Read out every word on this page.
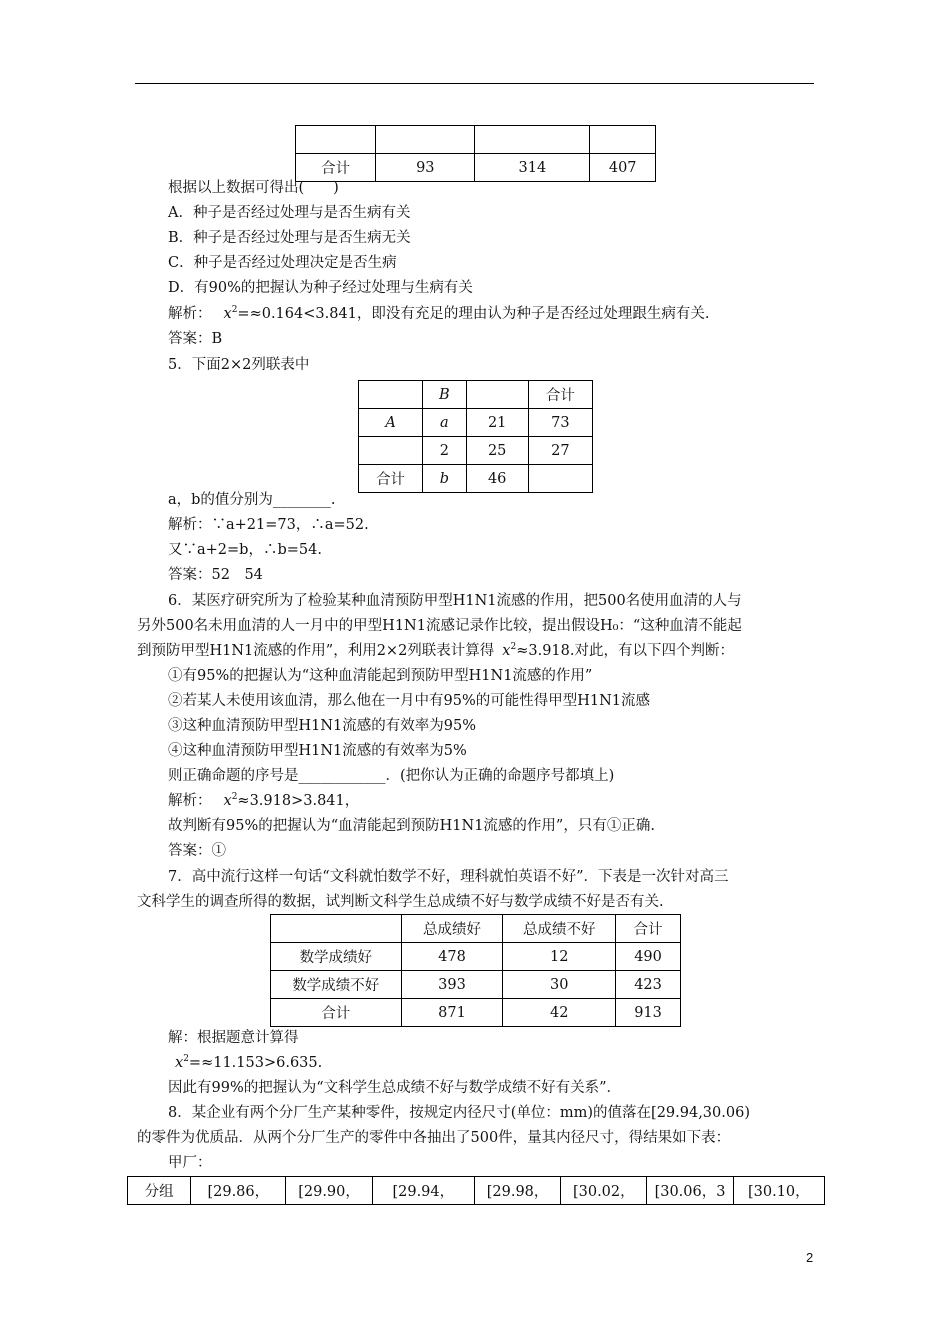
合计	93	314	407
根据以上数据可得出(　　)
A．种子是否经过处理与是否生病有关
B．种子是否经过处理与是否生病无关
C．种子是否经过处理决定是否生病
D．有90%的把握认为种子经过处理与生病有关
解析： $x^2=\approx 0.164<3.841$，即没有充足的理由认为种子是否经过处理跟生病有关.
答案：B
5．下面2×2列联表中
	B		合计
A	a	21	73
	2	25	27
合计	b	46	
a，b的值分别为________.
解析：∵a+21=73，∴a=52.
又∵a+2=b，∴b=54.
答案：52　54
6．某医疗研究所为了检验某种血清预防甲型H1N1流感的作用，把500名使用血清的人与
另外500名未用血清的人一月中的甲型H1N1流感记录作比较，提出假设H₀：“这种血清不能起
到预防甲型H1N1流感的作用”，利用2×2列联表计算得 $x^2\approx 3.918$.对此，有以下四个判断：
①有95%的把握认为“这种血清能起到预防甲型H1N1流感的作用”
②若某人未使用该血清，那么他在一月中有95%的可能性得甲型H1N1流感
③这种血清预防甲型H1N1流感的有效率为95%
④这种血清预防甲型H1N1流感的有效率为5%
则正确命题的序号是____________．(把你认为正确的命题序号都填上)
解析： $x^2\approx 3.918>3.841$，
故判断有95%的把握认为“血清能起到预防H1N1流感的作用”，只有①正确.
答案：①
7．高中流行这样一句话“文科就怕数学不好，理科就怕英语不好”．下表是一次针对高三
文科学生的调查所得的数据，试判断文科学生总成绩不好与数学成绩不好是否有关.
	总成绩好	总成绩不好	合计
数学成绩好	478	12	490
数学成绩不好	393	30	423
合计	871	42	913
解：根据题意计算得
$x^2=\approx 11.153>6.635$.
因此有99%的把握认为“文科学生总成绩不好与数学成绩不好有关系”．
8．某企业有两个分厂生产某种零件，按规定内径尺寸(单位：mm)的值落在[29.94,30.06)
的零件为优质品．从两个分厂生产的零件中各抽出了500件，量其内径尺寸，得结果如下表：
甲厂：
分组	[29.86，	[29.90，	[29.94，	[29.98，	[30.02，	[30.06，3	[30.10，
2
